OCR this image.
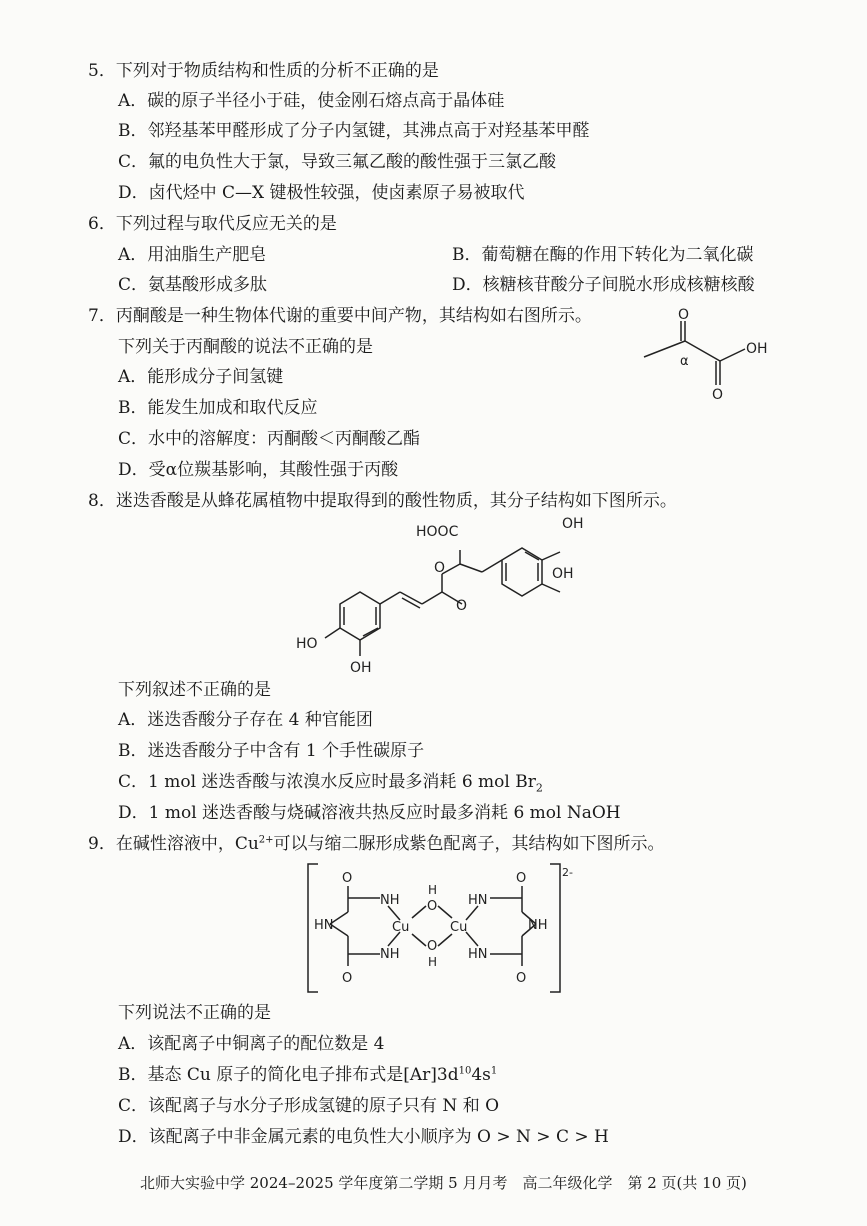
5．下列对于物质结构和性质的分析不正确的是
A．碳的原子半径小于硅，使金刚石熔点高于晶体硅
B．邻羟基苯甲醛形成了分子内氢键，其沸点高于对羟基苯甲醛
C．氟的电负性大于氯，导致三氟乙酸的酸性强于三氯乙酸
D．卤代烃中 C—X 键极性较强，使卤素原子易被取代
6．下列过程与取代反应无关的是
A．用油脂生产肥皂	B．葡萄糖在酶的作用下转化为二氧化碳
C．氨基酸形成多肽	D．核糖核苷酸分子间脱水形成核糖核酸
7．丙酮酸是一种生物体代谢的重要中间产物，其结构如右图所示。
下列关于丙酮酸的说法不正确的是
A．能形成分子间氢键
B．能发生加成和取代反应
C．水中的溶解度：丙酮酸＜丙酮酸乙酯
D．受α位羰基影响，其酸性强于丙酸
O
α
OH
O
8．迷迭香酸是从蜂花属植物中提取得到的酸性物质，其分子结构如下图所示。
HOOC	OH
OH
HO
OH
O
O
下列叙述不正确的是
A．迷迭香酸分子存在 4 种官能团
B．迷迭香酸分子中含有 1 个手性碳原子
C．1 mol 迷迭香酸与浓溴水反应时最多消耗 6 mol $Br_2$
D．1 mol 迷迭香酸与烧碱溶液共热反应时最多消耗 6 mol NaOH
9．在碱性溶液中，$Cu^{2+}$可以与缩二脲形成紫色配离子，其结构如下图所示。
2-
O
O
O
O
HN	NH
NH
NH
HN
HN
Cu	Cu
O
O
H
H
下列说法不正确的是
A．该配离子中铜离子的配位数是 4
B．基态 Cu 原子的简化电子排布式是$[Ar]3d^{10}4s^1$
C．该配离子与水分子形成氢键的原子只有 N 和 O
D．该配离子中非金属元素的电负性大小顺序为 O > N > C > H
北师大实验中学 2024–2025 学年度第二学期 5 月月考　高二年级化学　第 2 页(共 10 页)
